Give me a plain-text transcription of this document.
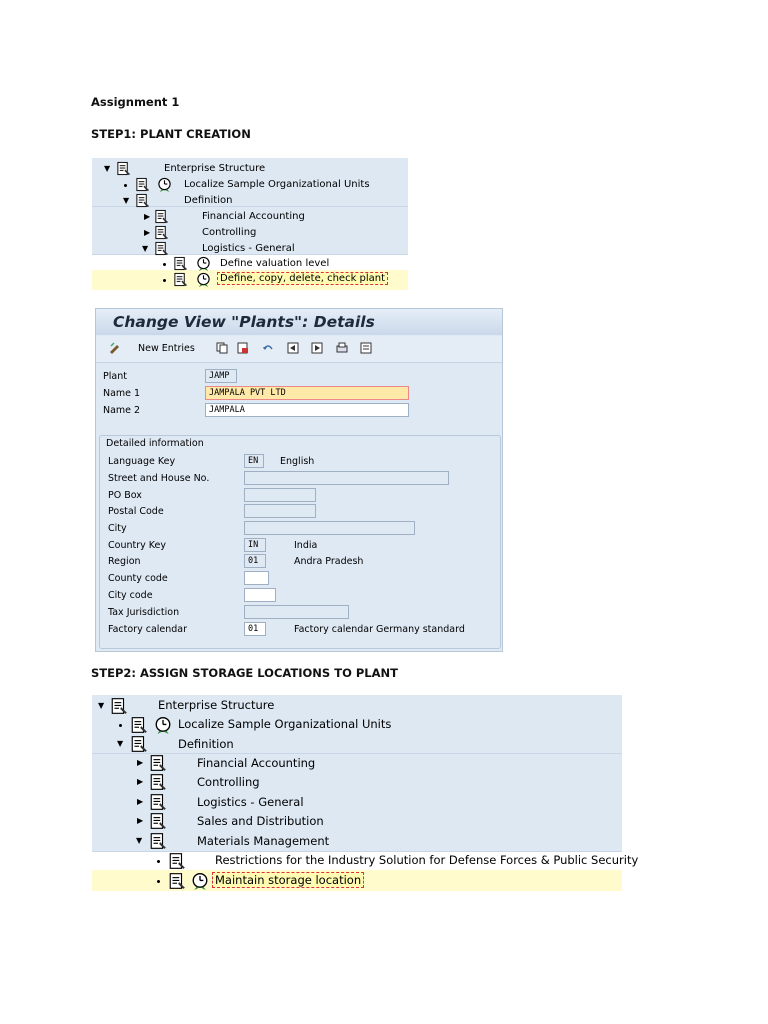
Assignment 1
STEP1: PLANT CREATION
STEP2: ASSIGN STORAGE LOCATIONS TO PLANT
▼	Enterprise Structure
Localize Sample Organizational Units
▼	Definition
▶	Financial Accounting
▶	Controlling
▼	Logistics - General
Define valuation level
Define, copy, delete, check plant
Change View "Plants": Details
New Entries
Plant	JAMP
Name 1	JAMPALA PVT LTD
Name 2	JAMPALA
Detailed information
Language Key	EN	English
Street and House No.
PO Box
Postal Code
City
Country Key	IN	India
Region	01	Andra Pradesh
County code
City code
Tax Jurisdiction
Factory calendar	01	Factory calendar Germany standard
▼	Enterprise Structure
Localize Sample Organizational Units
▼	Definition
▶	Financial Accounting
▶	Controlling
▶	Logistics - General
▶	Sales and Distribution
▼	Materials Management
Restrictions for the Industry Solution for Defense Forces & Public Security
Maintain storage location
